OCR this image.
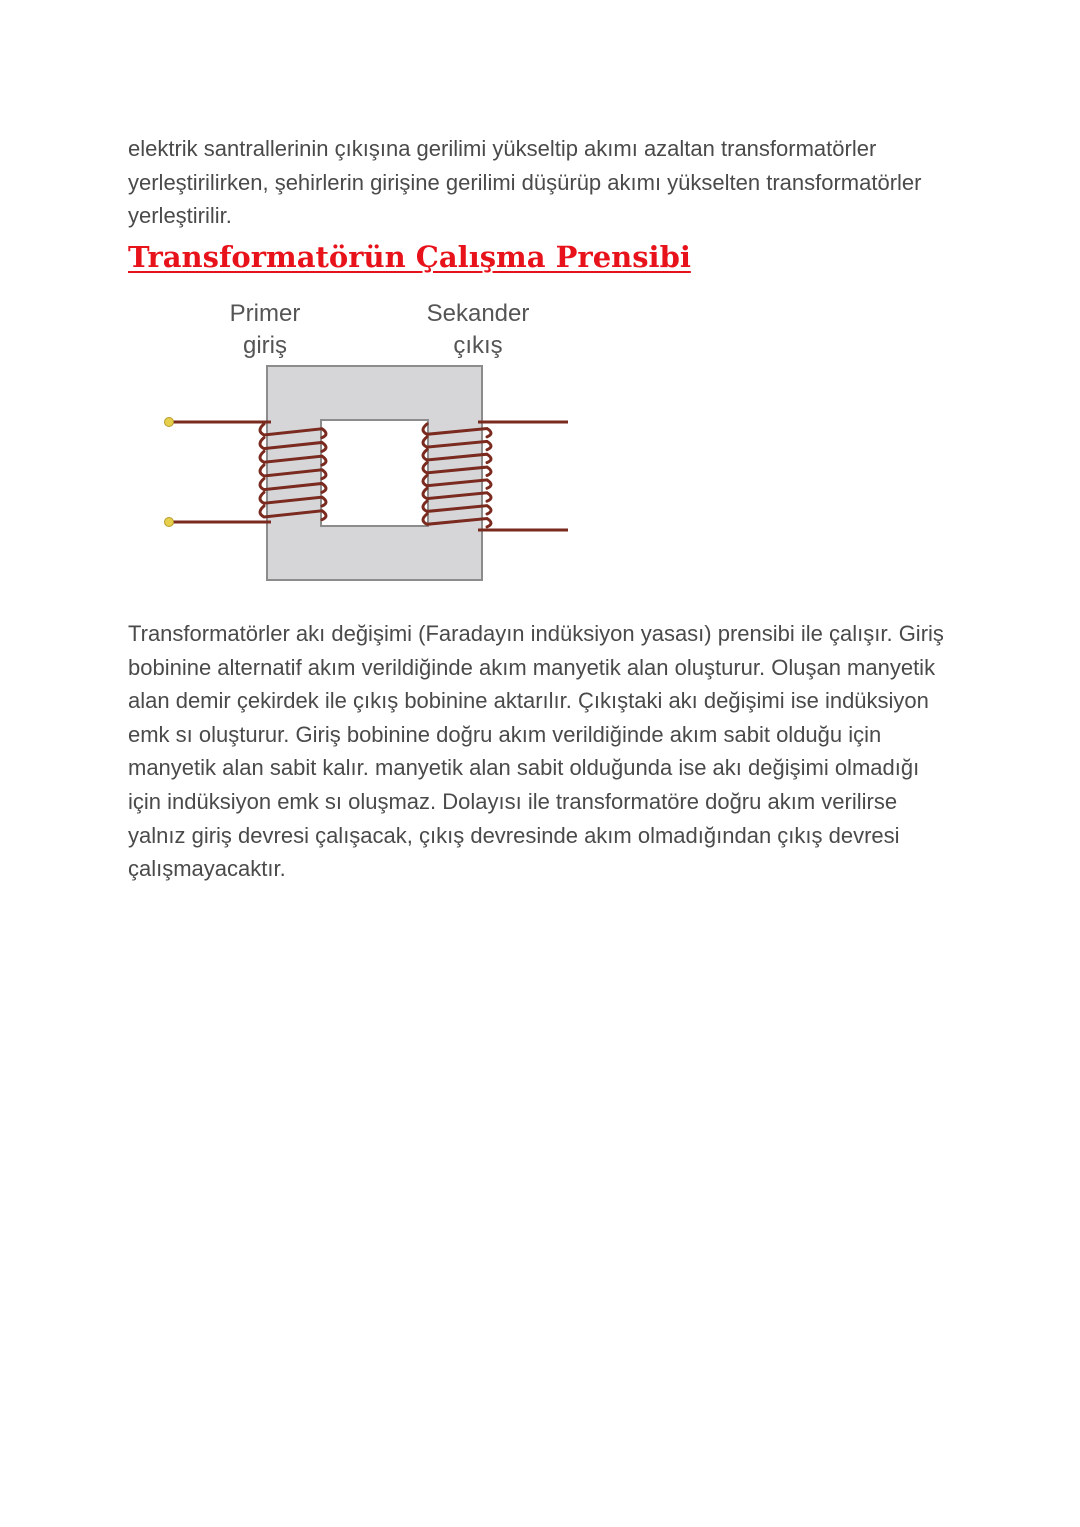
elektrik santrallerinin çıkışına gerilimi yükseltip akımı azaltan transformatörler yerleştirilirken, şehirlerin girişine gerilimi düşürüp akımı yükselten transformatörler yerleştirilir.

Transformatörün Çalışma Prensibi
Primer
giriş
Sekander
çıkış

Transformatörler akı değişimi (Faradayın indüksiyon yasası) prensibi ile çalışır. Giriş bobinine alternatif akım verildiğinde akım manyetik alan oluşturur. Oluşan manyetik alan demir çekirdek ile çıkış bobinine aktarılır. Çıkıştaki akı değişimi ise indüksiyon emk sı oluşturur. Giriş bobinine doğru akım verildiğinde akım sabit olduğu için manyetik alan sabit kalır. manyetik alan sabit olduğunda ise akı değişimi olmadığı için indüksiyon emk sı oluşmaz. Dolayısı ile transformatöre doğru akım verilirse yalnız giriş devresi çalışacak, çıkış devresinde akım olmadığından çıkış devresi çalışmayacaktır.
